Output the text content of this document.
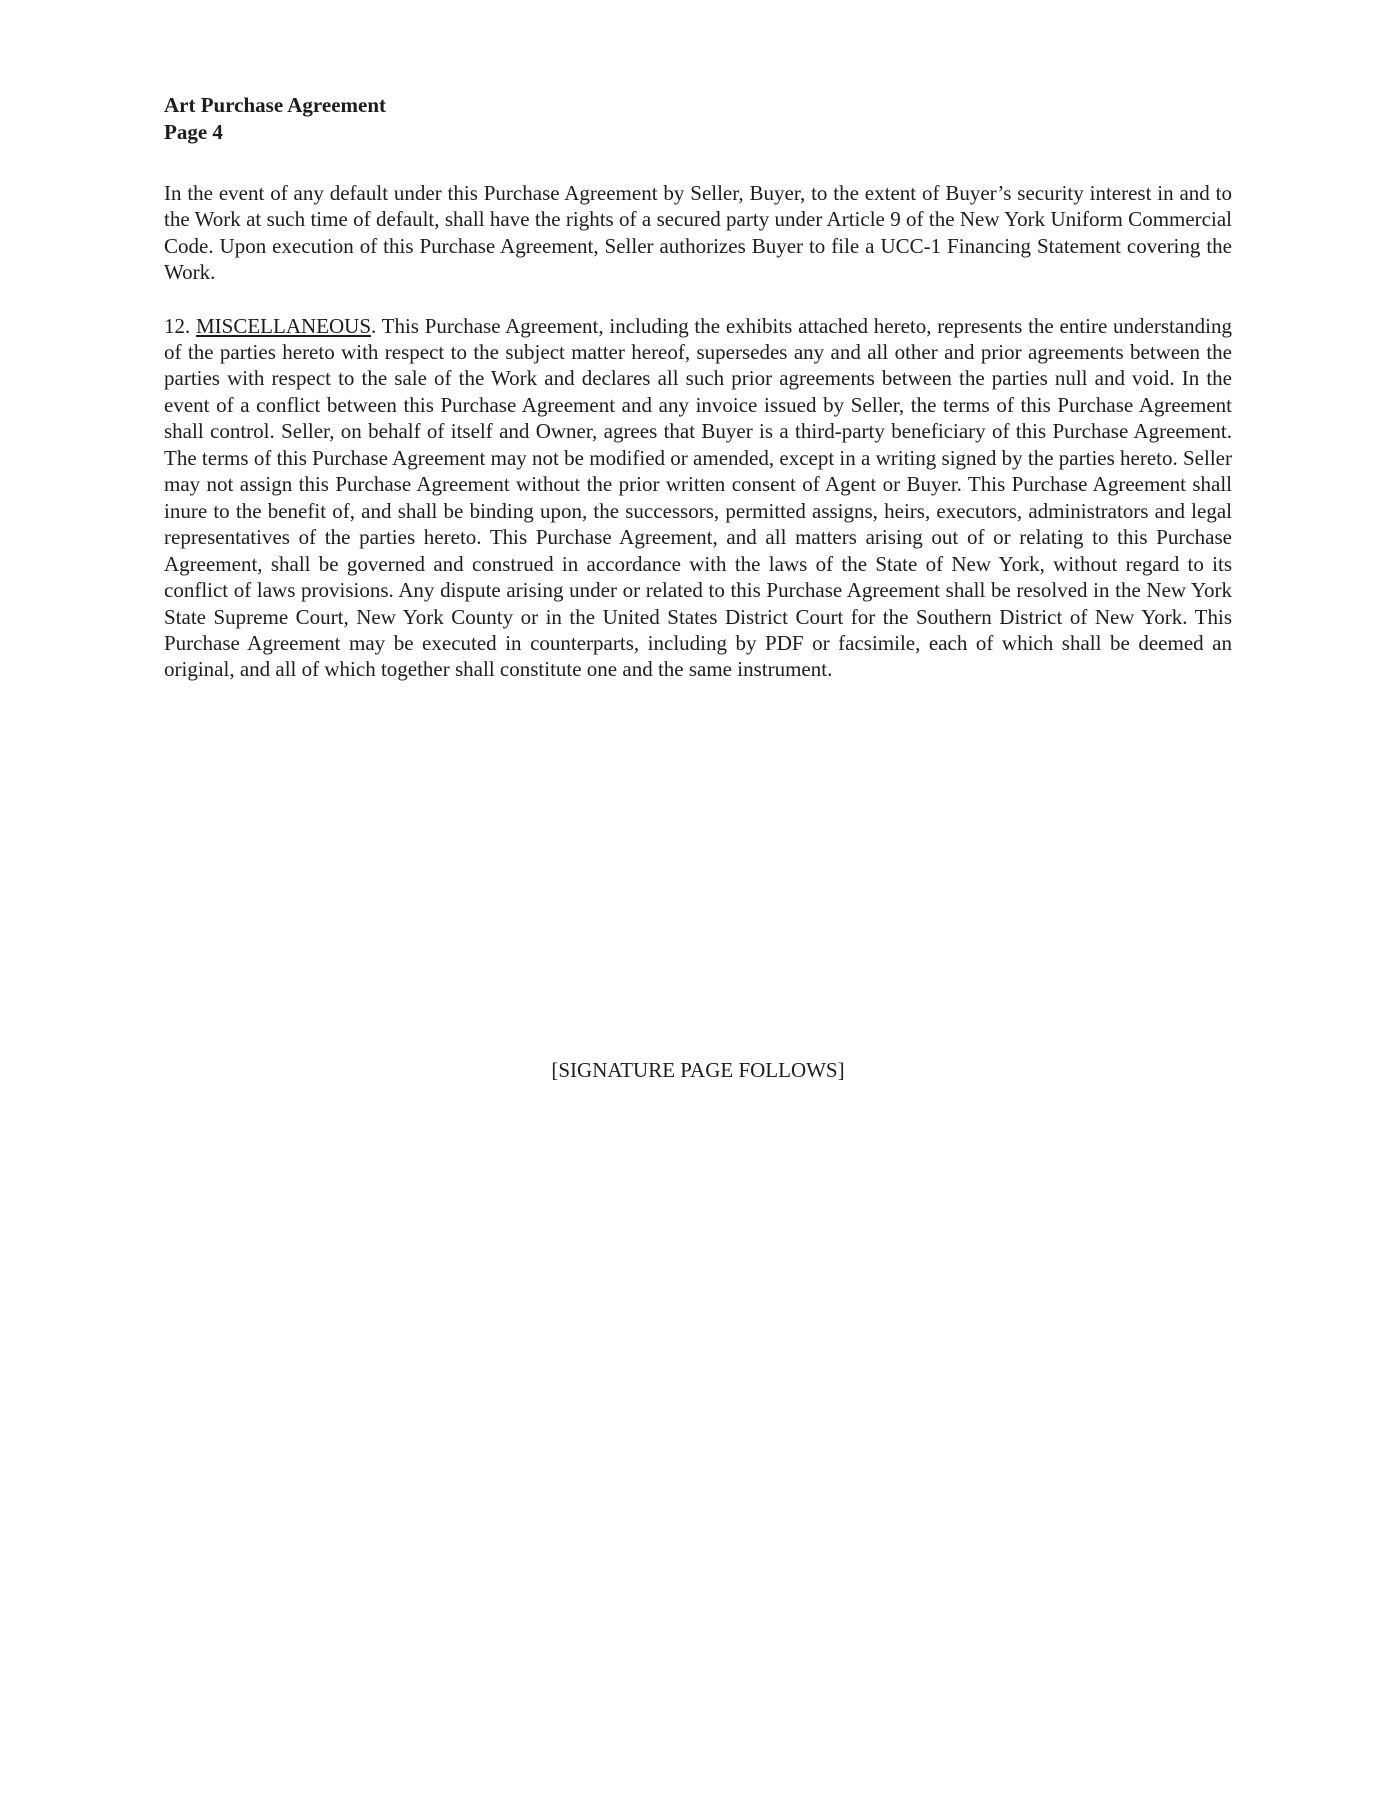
Art Purchase Agreement
Page 4

In the event of any default under this Purchase Agreement by Seller, Buyer, to the extent of Buyer’s security interest in and to the Work at such time of default, shall have the rights of a secured party under Article 9 of the New York Uniform Commercial Code. Upon execution of this Purchase Agreement, Seller authorizes Buyer to file a UCC-1 Financing Statement covering the Work.

12. MISCELLANEOUS. This Purchase Agreement, including the exhibits attached hereto, represents the entire understanding of the parties hereto with respect to the subject matter hereof, supersedes any and all other and prior agreements between the parties with respect to the sale of the Work and declares all such prior agreements between the parties null and void. In the event of a conflict between this Purchase Agreement and any invoice issued by Seller, the terms of this Purchase Agreement shall control. Seller, on behalf of itself and Owner, agrees that Buyer is a third-party beneficiary of this Purchase Agreement. The terms of this Purchase Agreement may not be modified or amended, except in a writing signed by the parties hereto. Seller may not assign this Purchase Agreement without the prior written consent of Agent or Buyer. This Purchase Agreement shall inure to the benefit of, and shall be binding upon, the successors, permitted assigns, heirs, executors, administrators and legal representatives of the parties hereto. This Purchase Agreement, and all matters arising out of or relating to this Purchase Agreement, shall be governed and construed in accordance with the laws of the State of New York, without regard to its conflict of laws provisions. Any dispute arising under or related to this Purchase Agreement shall be resolved in the New York State Supreme Court, New York County or in the United States District Court for the Southern District of New York. This Purchase Agreement may be executed in counterparts, including by PDF or facsimile, each of which shall be deemed an original, and all of which together shall constitute one and the same instrument.

[SIGNATURE PAGE FOLLOWS]
